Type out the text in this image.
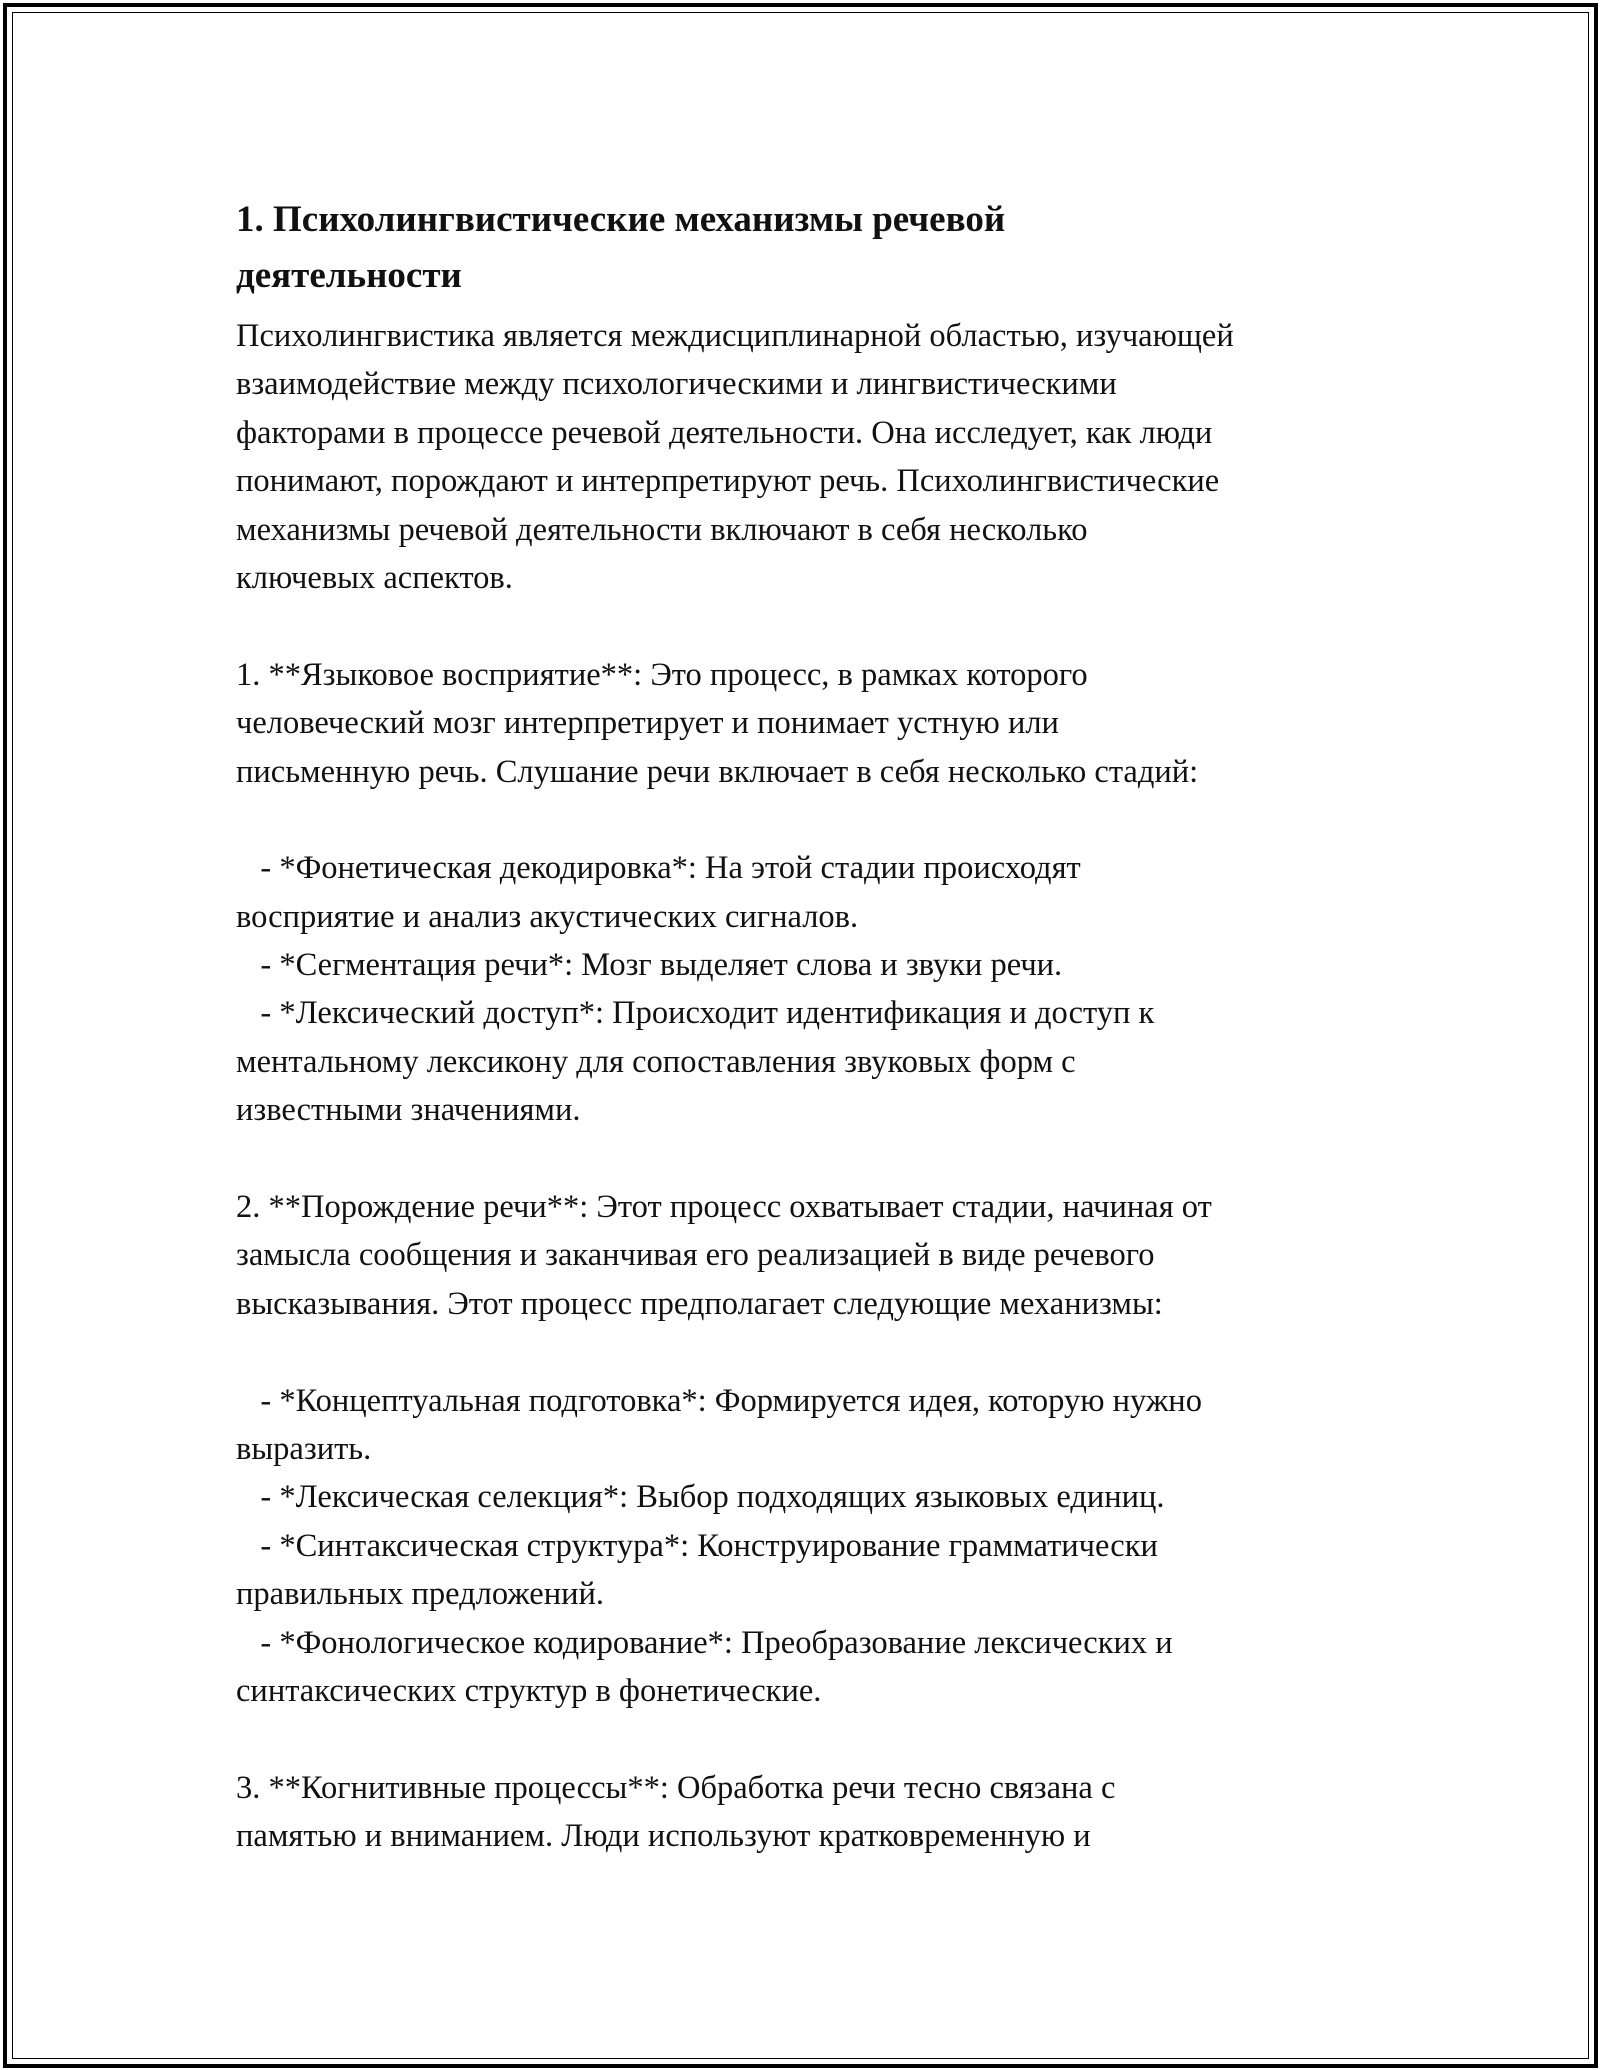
1. Психолингвистические механизмы речевой
деятельности
Психолингвистика является междисциплинарной областью, изучающей
взаимодействие между психологическими и лингвистическими
факторами в процессе речевой деятельности. Она исследует, как люди
понимают, порождают и интерпретируют речь. Психолингвистические
механизмы речевой деятельности включают в себя несколько
ключевых аспектов.
1. **Языковое восприятие**: Это процесс, в рамках которого
человеческий мозг интерпретирует и понимает устную или
письменную речь. Слушание речи включает в себя несколько стадий:
- *Фонетическая декодировка*: На этой стадии происходят
восприятие и анализ акустических сигналов.
- *Сегментация речи*: Мозг выделяет слова и звуки речи.
- *Лексический доступ*: Происходит идентификация и доступ к
ментальному лексикону для сопоставления звуковых форм с
известными значениями.
2. **Порождение речи**: Этот процесс охватывает стадии, начиная от
замысла сообщения и заканчивая его реализацией в виде речевого
высказывания. Этот процесс предполагает следующие механизмы:
- *Концептуальная подготовка*: Формируется идея, которую нужно
выразить.
- *Лексическая селекция*: Выбор подходящих языковых единиц.
- *Синтаксическая структура*: Конструирование грамматически
правильных предложений.
- *Фонологическое кодирование*: Преобразование лексических и
синтаксических структур в фонетические.
3. **Когнитивные процессы**: Обработка речи тесно связана с
памятью и вниманием. Люди используют кратковременную и
